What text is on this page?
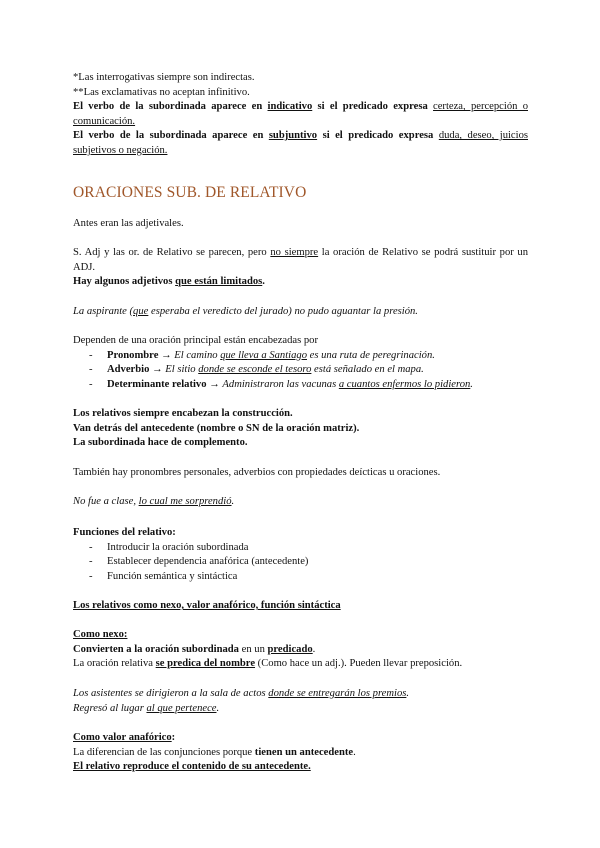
*Las interrogativas siempre son indirectas.

**Las exclamativas no aceptan infinitivo.

El verbo de la subordinada aparece en indicativo si el predicado expresa certeza, percepción o comunicación.

El verbo de la subordinada aparece en subjuntivo si el predicado expresa duda, deseo, juicios subjetivos o negación.

ORACIONES SUB. DE RELATIVO

Antes eran las adjetivales.

S. Adj y las or. de Relativo se parecen, pero no siempre la oración de Relativo se podrá sustituir por un ADJ.

Hay algunos adjetivos que están limitados.

La aspirante (que esperaba el veredicto del jurado) no pudo aguantar la presión.

Dependen de una oración principal están encabezadas por

- Pronombre → El camino que lleva a Santiago es una ruta de peregrinación.
- Adverbio → El sitio donde se esconde el tesoro está señalado en el mapa.
- Determinante relativo → Administraron las vacunas a cuantos enfermos lo pidieron.

Los relativos siempre encabezan la construcción.

Van detrás del antecedente (nombre o SN de la oración matriz).

La subordinada hace de complemento.

También hay pronombres personales, adverbios con propiedades deícticas u oraciones.

No fue a clase, lo cual me sorprendió.

Funciones del relativo:

- Introducir la oración subordinada
- Establecer dependencia anafórica (antecedente)
- Función semántica y sintáctica
Los relativos como nexo, valor anafórico, función sintáctica

Como nexo:

Convierten a la oración subordinada en un predicado.

La oración relativa se predica del nombre (Como hace un adj.). Pueden llevar preposición.

Los asistentes se dirigieron a la sala de actos donde se entregarán los premios.

Regresó al lugar al que pertenece.

Como valor anafórico:

La diferencian de las conjunciones porque tienen un antecedente.

El relativo reproduce el contenido de su antecedente.
